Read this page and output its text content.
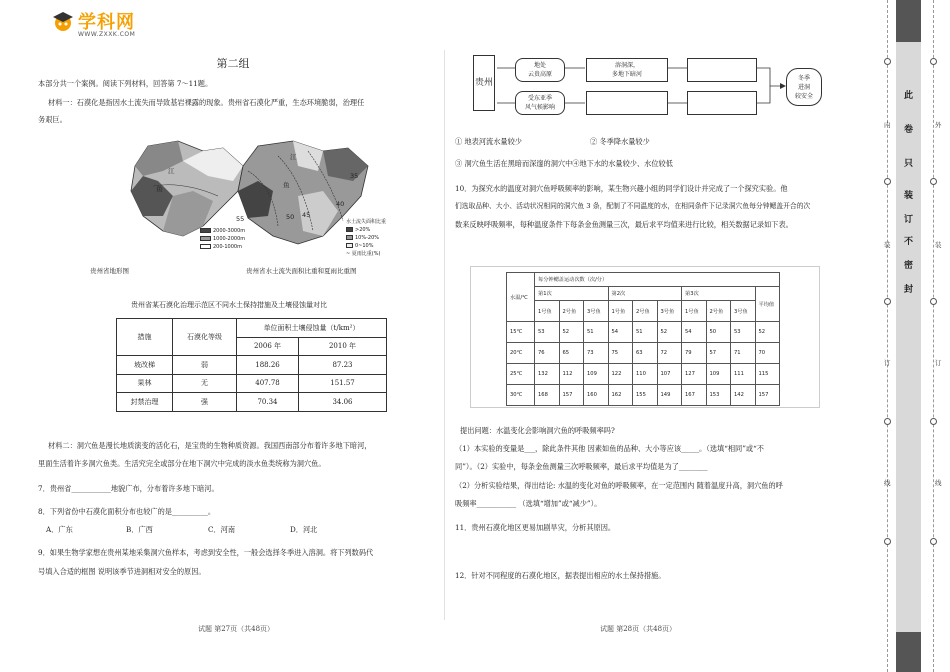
学科网
WWW.ZXXK.COM
第二组
本部分共一个案例。阅读下列材料，回答第 7～11题。
材料一：石漠化是指因水土流失而导致基岩裸露的现象。贵州省石漠化严重，生态环境脆弱，治理任
务艰巨。
江
鱼
2000-3000m
1000-2000m
200-1000m
贵州省地形图
江
鱼
55	50 45
40
35
水土流失面积比重
>20%
10%-20%
0~10%
~ 夏雨比重(%)
贵州省水土流失面积比重和夏雨比重图
贵州省某石漠化治理示范区不同水土保持措施及土壤侵蚀量对比
措施	石漠化等级	单位面积土壤侵蚀量（t/km²）	
		2006 年	2010 年
坡改梯	弱	188.26	87.23
果林	无	407.78	151.57
封禁治理	强	70.34	34.06
材料二：洞穴鱼是漫长地质演变的活化石，是宝贵的生物种质资源。我国西南部分布着许多地下暗河，
里面生活着许多洞穴鱼类。生活究完全或部分在地下洞穴中完成的淡水鱼类统称为洞穴鱼。
7．贵州省___________地貌广布，分布着许多地下暗河。
8．下列省份中石漠化面积分布也较广的是__________。
A．广东	B．广西	C．河南	D．河北
9．如果生物学家想在贵州某地采集洞穴鱼样本，考虑到安全性，一般会选择冬季进入溶洞。将下列数码代
号填入合适的框图 说明该季节进洞相对安全的原因。
试题 第27页（共48页）
贵州
地处
云贵高原
溶洞深，
多地下暗河
受东亚季
风气候影响
冬季
进洞
较安全
① 地表河流水量较少	② 冬季降水量较少
③ 洞穴鱼生活在黑暗而深邃的洞穴中④地下水的水量较少、水位较低
10．为探究水的温度对洞穴鱼呼吸频率的影响，某生物兴趣小组的同学们设计并完成了一个探究实验。他
们选取品种、大小、活动状况相同的洞穴鱼 3 条，配制了不同温度的水，在相同条件下记录洞穴鱼每分钟鳃盖开合的次
数来反映呼吸频率，每种温度条件下每条金鱼测量三次，最后求平均值来进行比较，相关数据记录如下表。
水温/℃	每分钟鳃盖运动次数（次/分）									
	第1次			第2次			第3次			平均值
	1号鱼	2号鱼	3号鱼	1号鱼	2号鱼	3号鱼	1号鱼	2号鱼	3号鱼	
15℃	53	52	51	54	51	52	54	50	53	52
20℃	76	65	73	75	63	72	79	57	71	70
25℃	132	112	109	122	110	107	127	109	111	115
30℃	168	157	160	162	155	149	167	153	142	157
提出问题：水温变化会影响洞穴鱼的呼吸频率吗?
（1）本实验的变量是___，除此条件其他 因素如鱼的品种、大小等应该_____。（选填“相同”或“不
同”）。（2）实验中，每条金鱼测量三次呼吸频率，最后求平均值是为了________
（2）分析实验结果，得出结论: 水温的变化对鱼的呼吸频率，在一定范围内 随着温度升高，洞穴鱼的呼
吸频率___________ （选填“增加”或“减少”）。
11．贵州石漠化地区更易加剧旱灾，分析其原因。
12．针对不同程度的石漠化地区，据表提出相应的水土保持措施。
试题 第28页（共48页）
内
装
订
线
外
装
订
线
此
卷
只
装
订
不
密
封
